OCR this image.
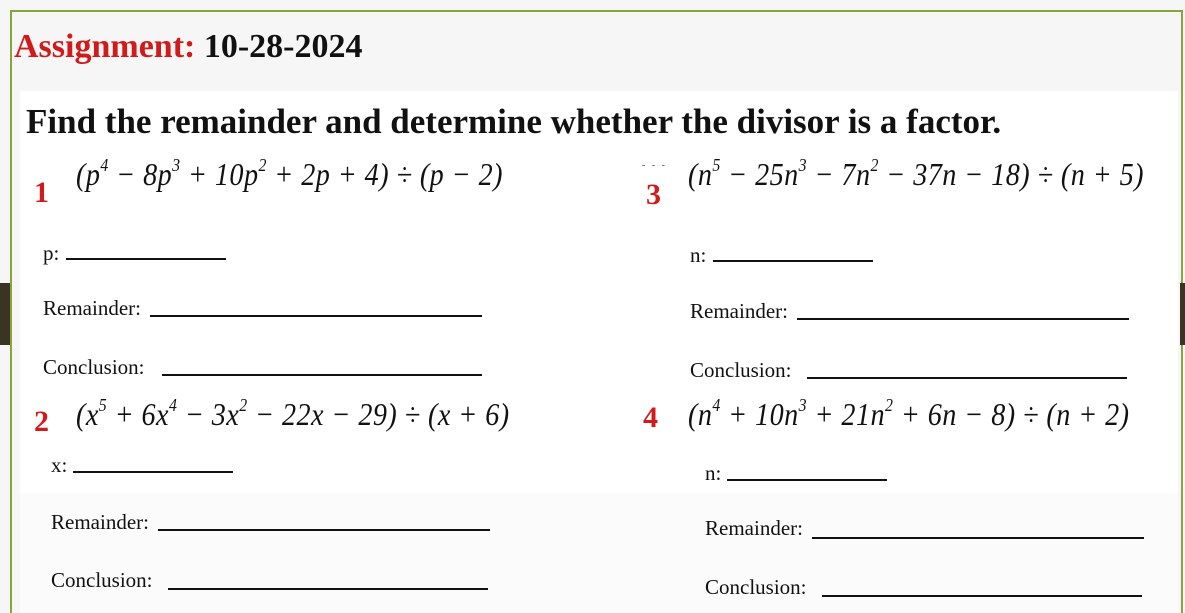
Assignment: 10-28-2024
Find the remainder and determine whether the divisor is a factor.
- - -
1
$(p^4 - 8p^3 + 10p^2 + 2p + 4) \div (p - 2)$
p:
Remainder:
Conclusion:
3
$(n^5 - 25n^3 - 7n^2 - 37n - 18) \div (n + 5)$
n:
Remainder:
Conclusion:
2 $(x^5 + 6x^4 - 3x^2 - 22x - 29) \div (x + 6)$
x:
Remainder:
Conclusion:
4 $(n^4 + 10n^3 + 21n^2 + 6n - 8) \div (n + 2)$
n:
Remainder:
Conclusion:
